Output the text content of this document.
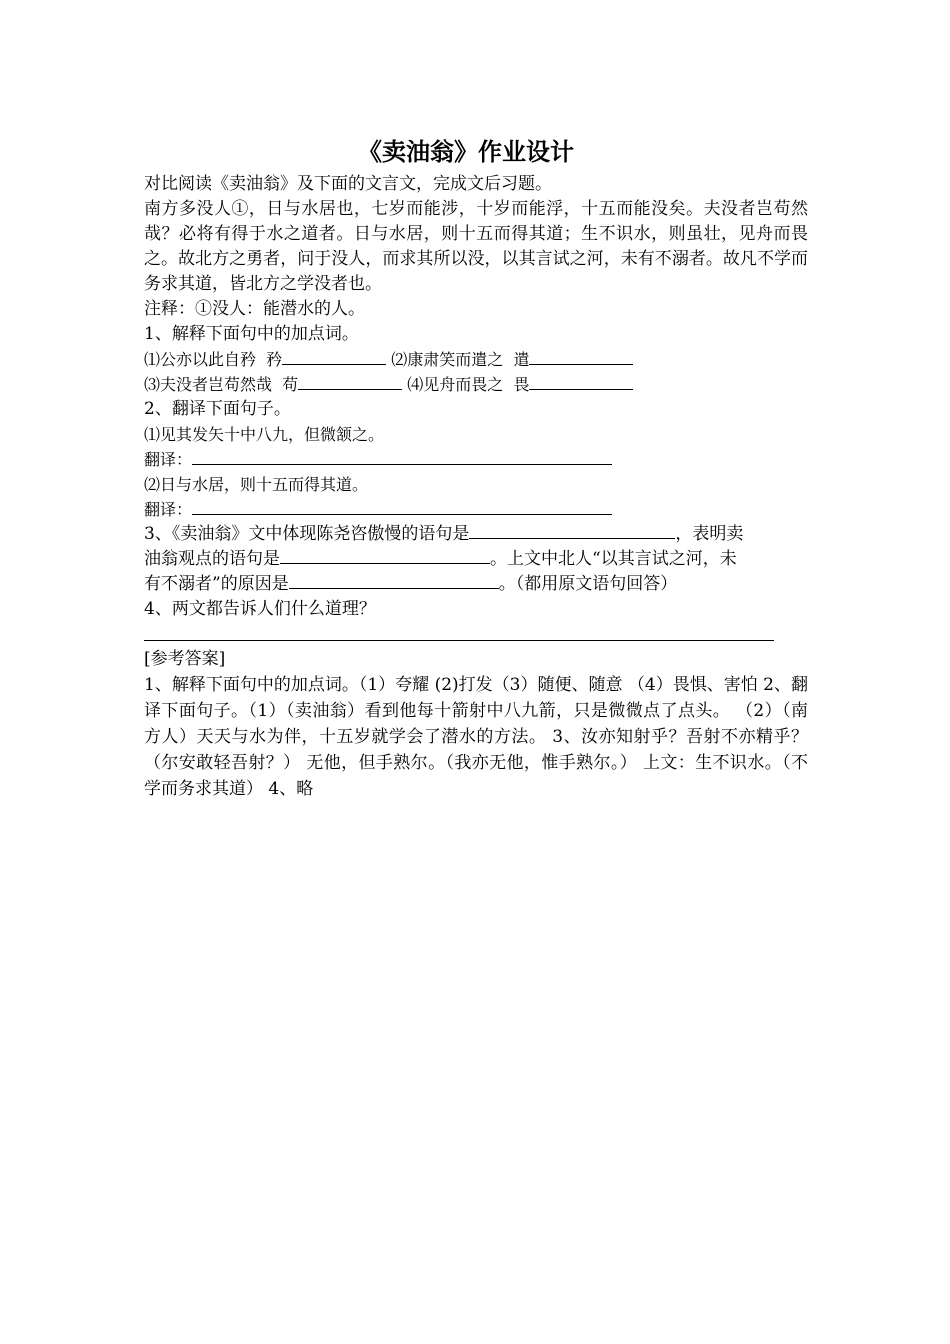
《卖油翁》作业设计

对比阅读《卖油翁》及下面的文言文，完成文后习题。

南方多没人①，日与水居也，七岁而能涉，十岁而能浮，十五而能没矣。夫没者岂苟然哉？必将有得于水之道者。日与水居，则十五而得其道；生不识水，则虽壮，见舟而畏之。故北方之勇者，问于没人，而求其所以没，以其言试之河，未有不溺者。故凡不学而务求其道，皆北方之学没者也。

注释：①没人：能潜水的人。

1、解释下面句中的加点词。

⑴公亦以此自矜  矜	⑵康肃笑而遣之  遣
⑶夫没者岂苟然哉  苟	⑷见舟而畏之  畏

2、翻译下面句子。

⑴见其发矢十中八九，但微颔之。
翻译：
⑵日与水居，则十五而得其道。
翻译：
3、《卖油翁》文中体现陈尧咨傲慢的语句是	，表明卖
油翁观点的语句是	。上文中北人“以其言试之河，未
有不溺者”的原因是	。（都用原文语句回答）

4、两文都告诉人们什么道理？

[参考答案]

1、解释下面句中的加点词。（1）夸耀 (2)打发（3）随便、随意 （4）畏惧、害怕 2、翻译下面句子。（1）（卖油翁）看到他每十箭射中八九箭，只是微微点了点头。 （2）（南方人）天天与水为伴，十五岁就学会了潜水的方法。 3、汝亦知射乎？吾射不亦精乎？（尔安敢轻吾射？） 无他，但手熟尔。（我亦无他，惟手熟尔。） 上文：生不识水。（不学而务求其道） 4、略
